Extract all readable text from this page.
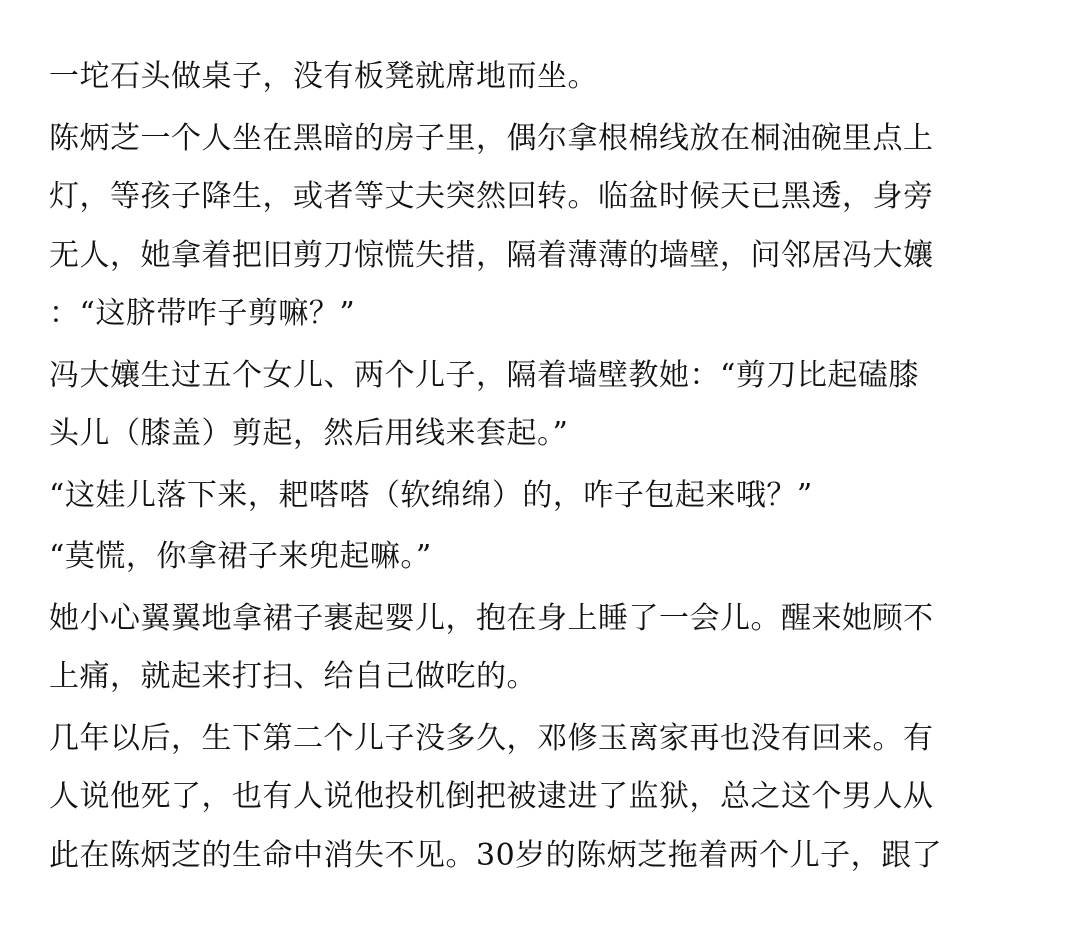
一坨石头做桌子，没有板凳就席地而坐。

陈炳芝一个人坐在黑暗的房子里，偶尔拿根棉线放在桐油碗里点上
灯，等孩子降生，或者等丈夫突然回转。临盆时候天已黑透，身旁
无人，她拿着把旧剪刀惊慌失措，隔着薄薄的墙壁，问邻居冯大孃
：“这脐带咋子剪嘛？”

冯大孃生过五个女儿、两个儿子，隔着墙壁教她：“剪刀比起磕膝
头儿（膝盖）剪起，然后用线来套起。”

“这娃儿落下来，耙嗒嗒（软绵绵）的，咋子包起来哦？”

“莫慌，你拿裙子来兜起嘛。”

她小心翼翼地拿裙子裹起婴儿，抱在身上睡了一会儿。醒来她顾不
上痛，就起来打扫、给自己做吃的。

几年以后，生下第二个儿子没多久，邓修玉离家再也没有回来。有
人说他死了，也有人说他投机倒把被逮进了监狱，总之这个男人从
此在陈炳芝的生命中消失不见。30岁的陈炳芝拖着两个儿子，跟了
